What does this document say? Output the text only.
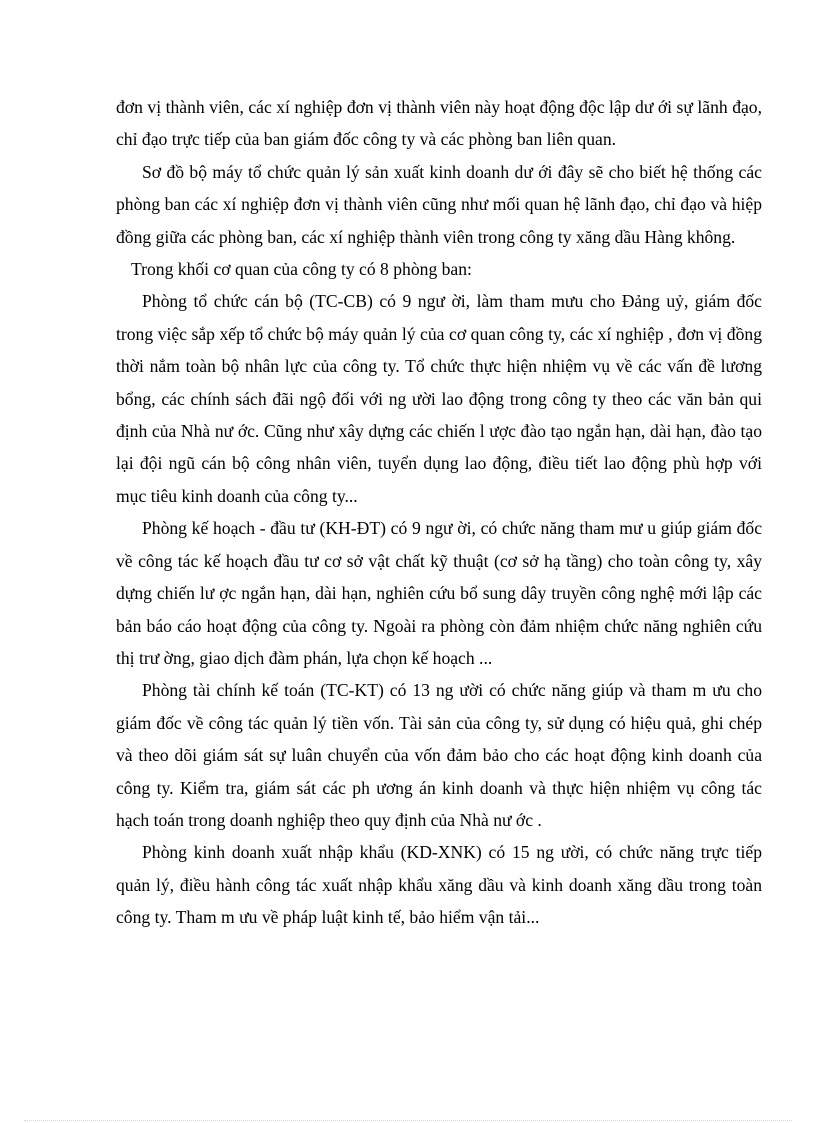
đơn vị thành viên, các xí nghiệp đơn vị thành viên này hoạt động độc lập dư ới sự lãnh đạo, chỉ đạo trực tiếp của ban giám đốc công ty và các phòng ban liên quan.

Sơ đồ bộ máy tổ chức quản lý sản xuất kinh doanh dư ới đây sẽ cho biết hệ thống các phòng ban các xí nghiệp đơn vị thành viên cũng như mối quan hệ lãnh đạo, chỉ đạo và hiệp đồng giữa các phòng ban, các xí nghiệp thành viên trong công ty xăng dầu Hàng không.

Trong khối cơ quan của công ty có 8 phòng ban:

Phòng tổ chức cán bộ (TC-CB) có 9 ngư ời, làm tham mưu cho Đảng uỷ, giám đốc trong việc sắp xếp tổ chức bộ máy quản lý của cơ quan công ty, các xí nghiệp , đơn vị đồng thời nắm toàn bộ nhân lực của công ty. Tổ chức thực hiện nhiệm vụ về các vấn đề lương bổng, các chính sách đãi ngộ đối với ng ười lao động trong công ty theo các văn bản qui định của Nhà nư ớc. Cũng như xây dựng các chiến l ược đào tạo ngắn hạn, dài hạn, đào tạo lại đội ngũ cán bộ công nhân viên, tuyển dụng lao động, điều tiết lao động phù hợp với mục tiêu kinh doanh của công ty...

Phòng kế hoạch - đầu tư (KH-ĐT) có 9 ngư ời, có chức năng tham mư u giúp giám đốc về công tác kế hoạch đầu tư cơ sở vật chất kỹ thuật (cơ sở hạ tầng) cho toàn công ty, xây dựng chiến lư ợc ngắn hạn, dài hạn, nghiên cứu bổ sung dây truyền công nghệ mới lập các bản báo cáo hoạt động của công ty. Ngoài ra phòng còn đảm nhiệm chức năng nghiên cứu thị trư ờng, giao dịch đàm phán, lựa chọn kế hoạch ...

Phòng tài chính kế toán (TC-KT) có 13 ng ười có chức năng giúp và tham m ưu cho giám đốc về công tác quản lý tiền vốn. Tài sản của công ty, sử dụng có hiệu quả, ghi chép và theo dõi giám sát sự luân chuyển của vốn đảm bảo cho các hoạt động kinh doanh của công ty. Kiểm tra, giám sát các ph ương án kinh doanh và thực hiện nhiệm vụ công tác hạch toán trong doanh nghiệp theo quy định của Nhà nư ớc .

Phòng kinh doanh xuất nhập khẩu (KD-XNK) có 15 ng ười, có chức năng trực tiếp quản lý, điều hành công tác xuất nhập khẩu xăng dầu và kinh doanh xăng dầu trong toàn công ty. Tham m ưu về pháp luật kinh tế, bảo hiểm vận tải...
